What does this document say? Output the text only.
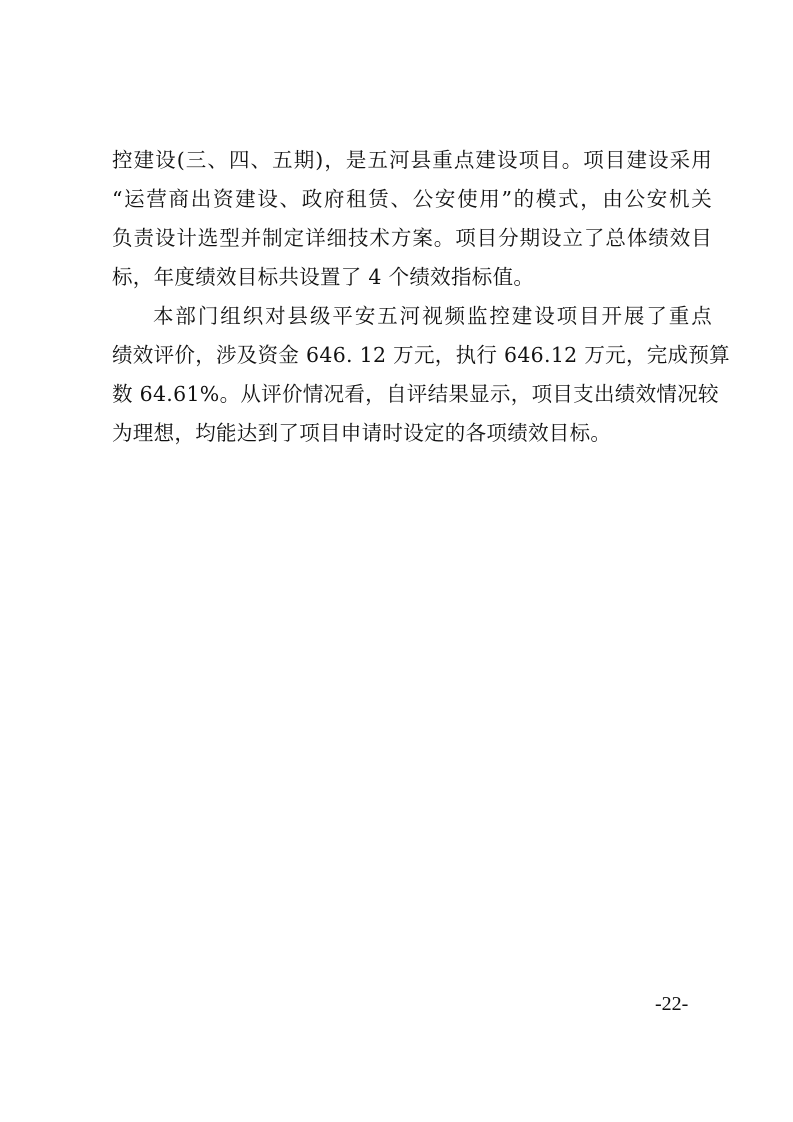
控建设(三、四、五期)，是五河县重点建设项目。项目建设采用
“运营商出资建设、政府租赁、公安使用”的模式，由公安机关
负责设计选型并制定详细技术方案。项目分期设立了总体绩效目
标，年度绩效目标共设置了 4 个绩效指标值。
本部门组织对县级平安五河视频监控建设项目开展了重点
绩效评价，涉及资金 646. 12 万元，执行 646.12 万元，完成预算
数 64.61%。从评价情况看，自评结果显示，项目支出绩效情况较
为理想，均能达到了项目申请时设定的各项绩效目标。
-22-
